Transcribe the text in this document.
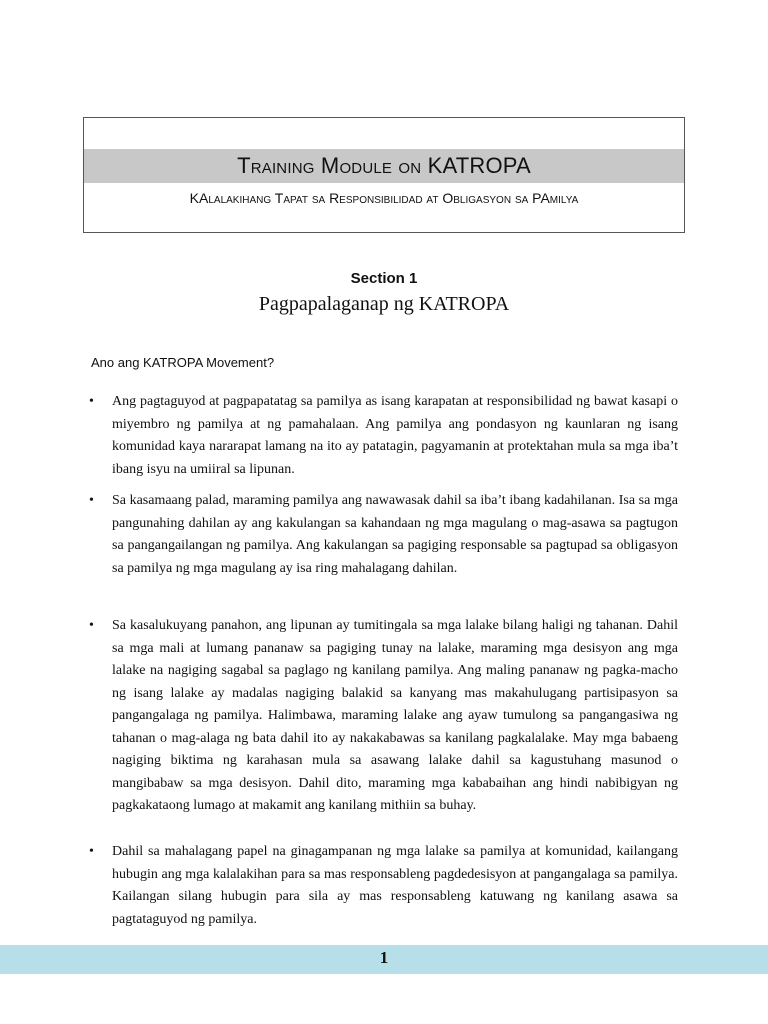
Training Module on KATROPA
KAlalakihang Tapat sa Responsibilidad at Obligasyon sa PAmilya
Section 1
Pagpapalaganap ng KATROPA
Ano ang KATROPA Movement?

• Ang pagtaguyod at pagpapatatag sa pamilya as isang karapatan at responsibilidad ng bawat kasapi o miyembro ng pamilya at ng pamahalaan. Ang pamilya ang pondasyon ng kaunlaran ng isang komunidad kaya nararapat lamang na ito ay patatagin, pagyamanin at protektahan mula sa mga iba’t ibang isyu na umiiral sa lipunan.

• Sa kasamaang palad, maraming pamilya ang nawawasak dahil sa iba’t ibang kadahilanan. Isa sa mga pangunahing dahilan ay ang kakulangan sa kahandaan ng mga magulang o mag-asawa sa pagtugon sa pangangailangan ng pamilya. Ang kakulangan sa pagiging responsable sa pagtupad sa obligasyon sa pamilya ng mga magulang ay isa ring mahalagang dahilan.

• Sa kasalukuyang panahon, ang lipunan ay tumitingala sa mga lalake bilang haligi ng tahanan. Dahil sa mga mali at lumang pananaw sa pagiging tunay na lalake, maraming mga desisyon ang mga lalake na nagiging sagabal sa paglago ng kanilang pamilya. Ang maling pananaw ng pagka-macho ng isang lalake ay madalas nagiging balakid sa kanyang mas makahulugang partisipasyon sa pangangalaga ng pamilya. Halimbawa, maraming lalake ang ayaw tumulong sa pangangasiwa ng tahanan o mag-alaga ng bata dahil ito ay nakakabawas sa kanilang pagkalalake. May mga babaeng nagiging biktima ng karahasan mula sa asawang lalake dahil sa kagustuhang masunod o mangibabaw sa mga desisyon. Dahil dito, maraming mga kababaihan ang hindi nabibigyan ng pagkakataong lumago at makamit ang kanilang mithiin sa buhay.

• Dahil sa mahalagang papel na ginagampanan ng mga lalake sa pamilya at komunidad, kailangang hubugin ang mga kalalakihan para sa mas responsableng pagdedesisyon at pangangalaga sa pamilya. Kailangan silang hubugin para sila ay mas responsableng katuwang ng kanilang asawa sa pagtataguyod ng pamilya.

1
